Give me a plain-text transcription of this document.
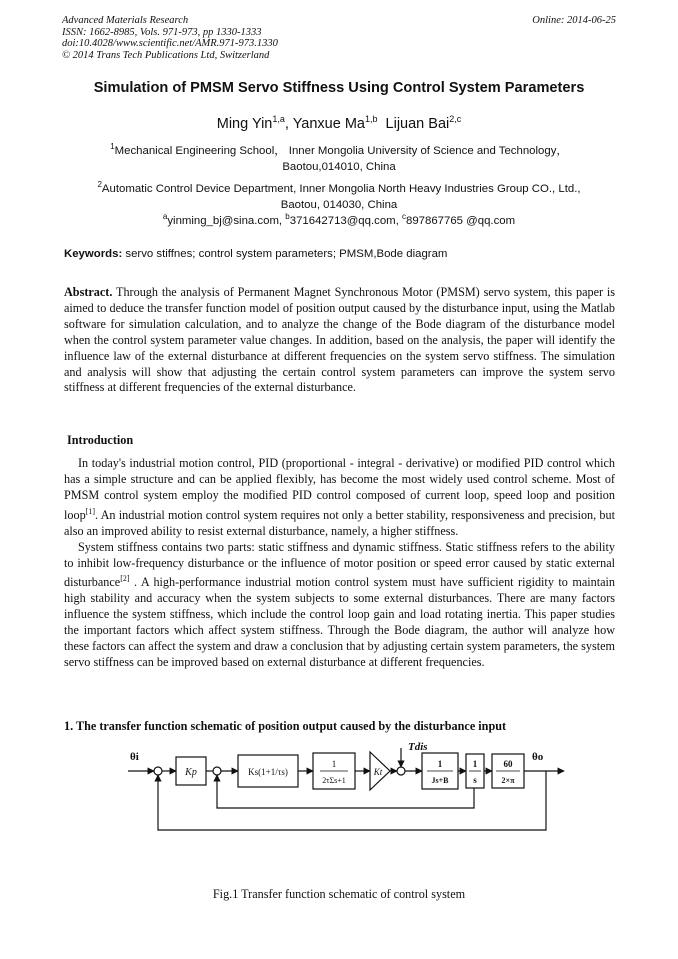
Advanced Materials Research
ISSN: 1662-8985, Vols. 971-973, pp 1330-1333
doi:10.4028/www.scientific.net/AMR.971-973.1330
© 2014 Trans Tech Publications Ltd, Switzerland
Online: 2014-06-25
Simulation of PMSM Servo Stiffness Using Control System Parameters
Ming Yin$^{1,a}$, Yanxue Ma$^{1,b}$ Lijuan Bai$^{2,c}$
$^1$Mechanical Engineering School， Inner Mongolia University of Science and Technology，
Baotou,014010, China
$^2$Automatic Control Device Department, Inner Mongolia North Heavy Industries Group CO., Ltd.,
Baotou, 014030, China
$^a$yinming_bj@sina.com, $^b$371642713@qq.com, $^c$897867765 @qq.com
Keywords: servo stiffnes; control system parameters; PMSM,Bode diagram
Abstract. Through the analysis of Permanent Magnet Synchronous Motor (PMSM) servo system, this paper is aimed to deduce the transfer function model of position output caused by the disturbance input, using the Matlab software for simulation calculation, and to analyze the change of the Bode diagram of the disturbance model when the control system parameter value changes. In addition, based on the analysis, the paper will identify the influence law of the external disturbance at different frequencies on the system servo stiffness. The simulation and analysis will show that adjusting the certain control system parameters can improve the system servo stiffness at different frequencies of the external disturbance.
Introduction

In today's industrial motion control, PID (proportional - integral - derivative) or modified PID control which has a simple structure and can be applied flexibly, has become the most widely used control scheme. Most of PMSM control system employ the modified PID control composed of current loop, speed loop and position loop[1]. An industrial motion control system requires not only a better stability, responsiveness and precision, but also an improved ability to resist external disturbance, namely, a higher stiffness.

System stiffness contains two parts: static stiffness and dynamic stiffness. Static stiffness refers to the ability to inhibit low-frequency disturbance or the influence of motor position or speed error caused by static external disturbance[2] . A high-performance industrial motion control system must have sufficient rigidity to maintain high stability and accuracy when the system subjects to some external disturbances. There are many factors influence the system stiffness, which include the control loop gain and load rotating inertia. This paper studies the important factors which affect system stiffness. Through the Bode diagram, the author will analyze how these factors can affect the system and draw a conclusion that by adjusting certain system parameters, the system servo stiffness can be improved based on external disturbance at different frequencies.

1. The transfer function schematic of position output caused by the disturbance input
θi	θo
Tdis
Kp	Ks(1+1/τs)
1
2τΣs+1
Kt
1
Js+B
1
s
60
2×π
Fig.1 Transfer function schematic of control system
